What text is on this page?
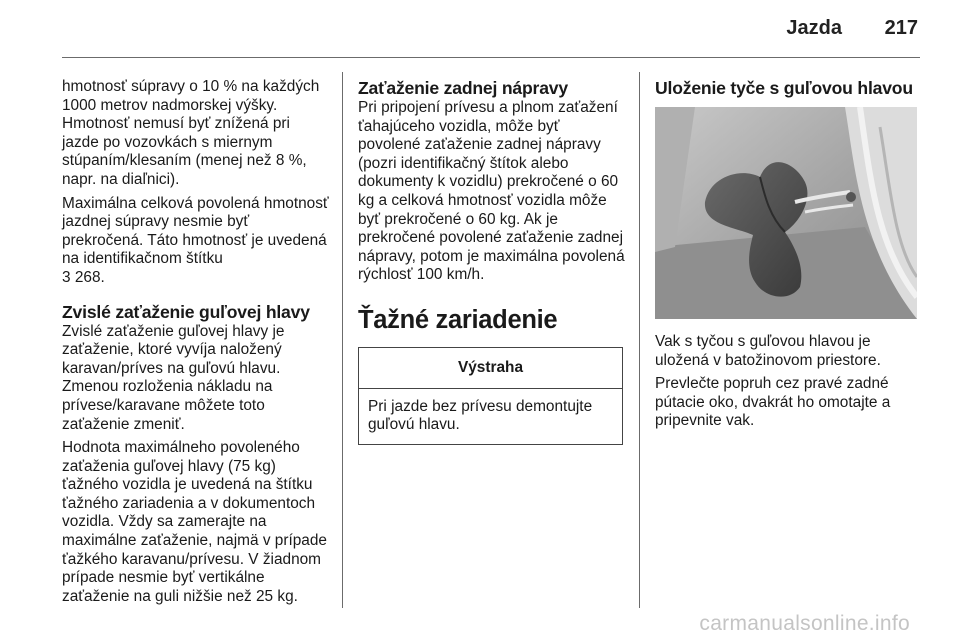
Jazda 217

hmotnosť súpravy o 10 % na každých 1000 metrov nadmorskej výšky. Hmotnosť nemusí byť znížená pri jazde po vozovkách s miernym stúpaním/klesaním (menej než 8 %, napr. na diaľnici).

Maximálna celková povolená hmotnosť jazdnej súpravy nesmie byť prekročená. Táto hmotnosť je uvedená na identifikačnom štítku
3 268.

Zvislé zaťaženie guľovej hlavy

Zvislé zaťaženie guľovej hlavy je zaťaženie, ktoré vyvíja naložený karavan/príves na guľovú hlavu. Zmenou rozloženia nákladu na prívese/karavane môžete toto zaťaženie zmeniť.

Hodnota maximálneho povoleného zaťaženia guľovej hlavy (75 kg) ťažného vozidla je uvedená na štítku ťažného zariadenia a v dokumentoch vozidla. Vždy sa zamerajte na maximálne zaťaženie, najmä v prípade ťažkého karavanu/prívesu. V žiadnom prípade nesmie byť vertikálne zaťaženie na guli nižšie než 25 kg.

Zaťaženie zadnej nápravy

Pri pripojení prívesu a plnom zaťažení ťahajúceho vozidla, môže byť povolené zaťaženie zadnej nápravy (pozri identifikačný štítok alebo dokumenty k vozidlu) prekročené o 60 kg a celková hmotnosť vozidla môže byť prekročené o 60 kg. Ak je prekročené povolené zaťaženie zadnej nápravy, potom je maximálna povolená rýchlosť 100 km/h.

Ťažné zariadenie
Výstraha
Pri jazde bez prívesu demontujte guľovú hlavu.
Uloženie tyče s guľovou hlavou

Vak s tyčou s guľovou hlavou je uložená v batožinovom priestore.

Prevlečte popruh cez pravé zadné pútacie oko, dvakrát ho omotajte a pripevnite vak.

carmanualsonline.info
